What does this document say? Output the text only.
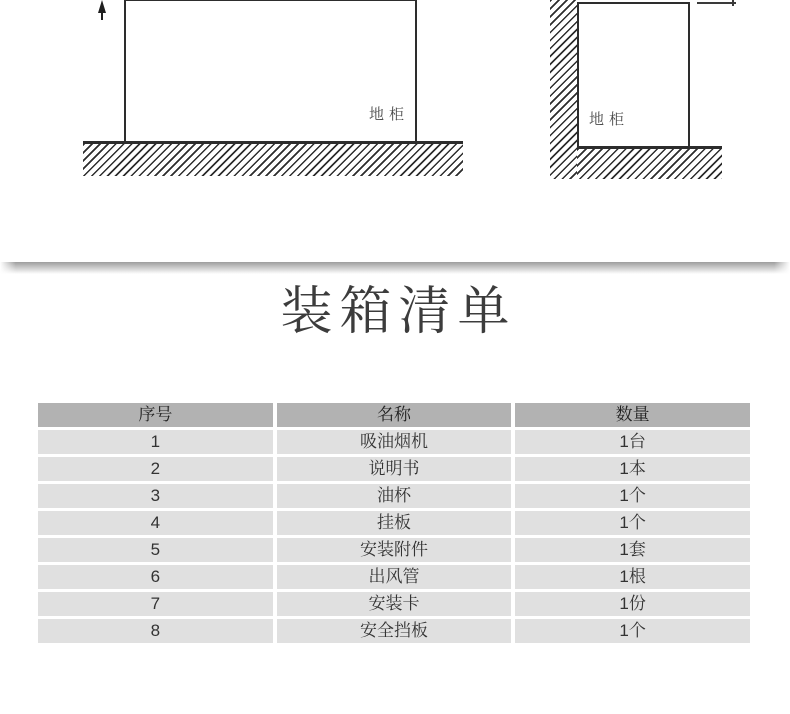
地柜	地柜
装箱清单
序号	名称	数量
1	吸油烟机	1台
2	说明书	1本
3	油杯	1个
4	挂板	1个
5	安装附件	1套
6	出风管	1根
7	安装卡	1份
8	安全挡板	1个
